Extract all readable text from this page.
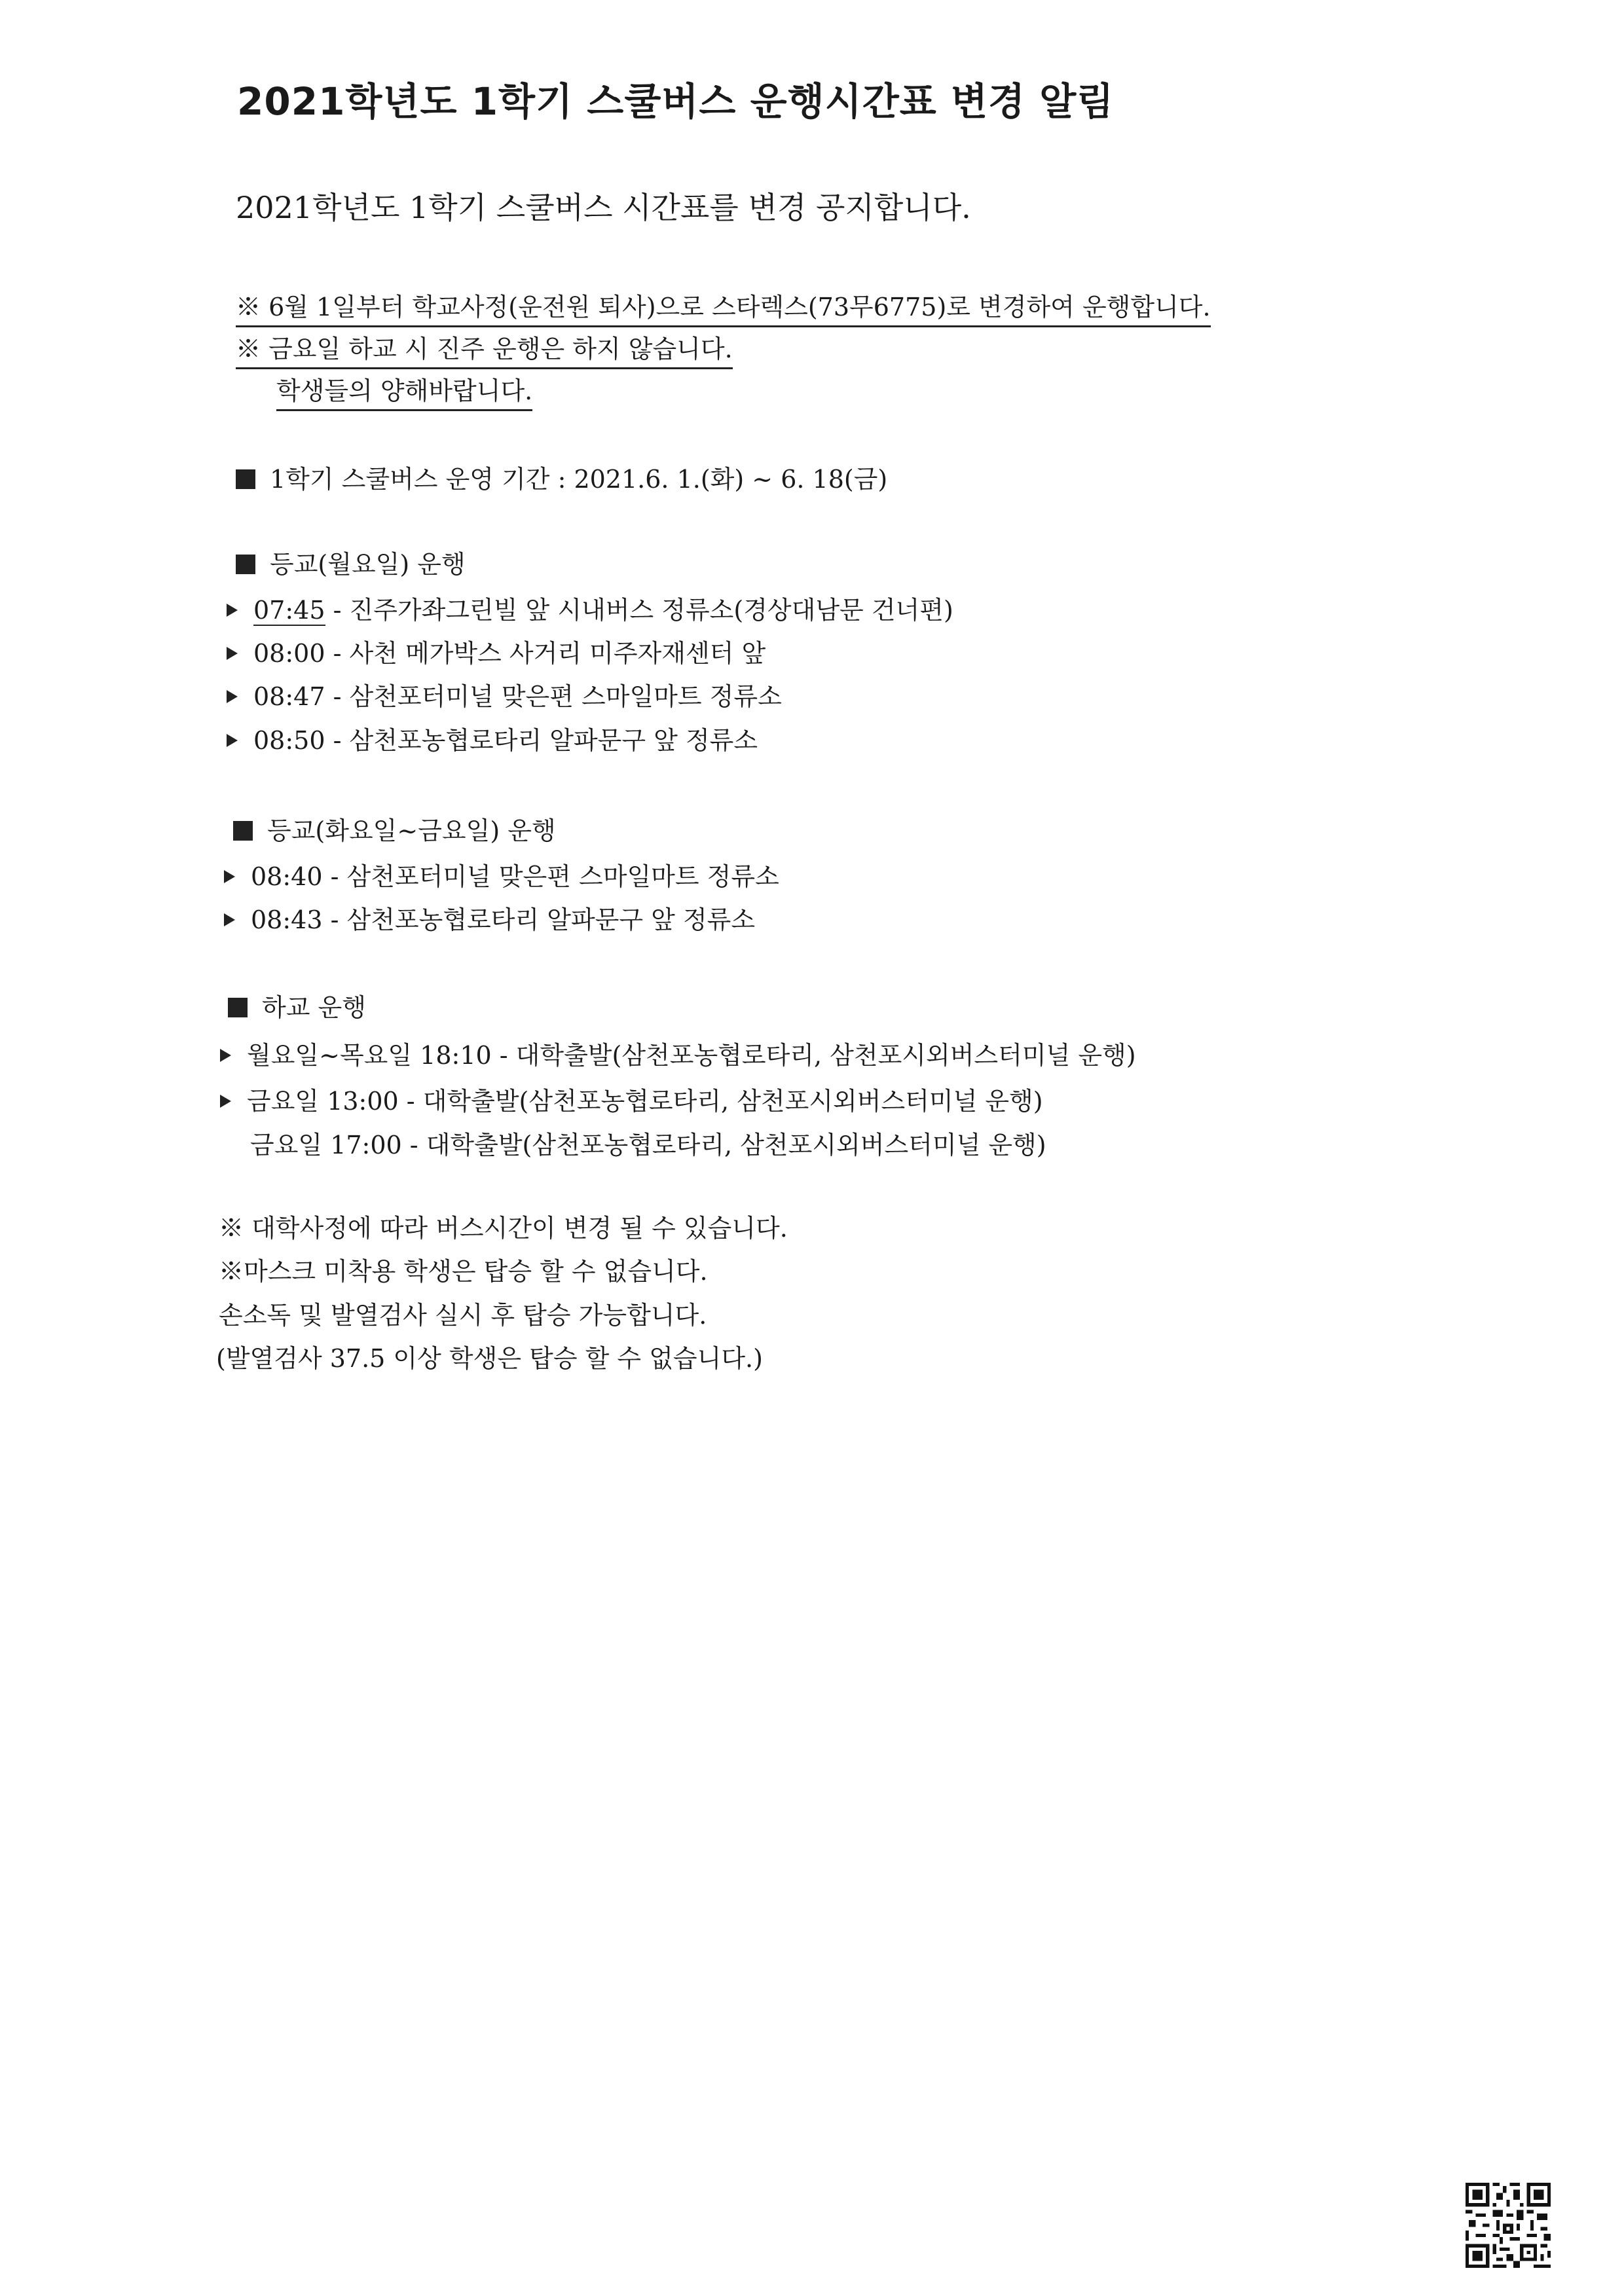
2021학년도 1학기 스쿨버스 운행시간표 변경 알림
2021학년도 1학기 스쿨버스 시간표를 변경 공지합니다.
※ 6월 1일부터 학교사정(운전원 퇴사)으로 스타렉스(73무6775)로 변경하여 운행합니다.
※ 금요일 하교 시 진주 운행은 하지 않습니다.
학생들의 양해바랍니다.
1학기 스쿨버스 운영 기간 : 2021.6. 1.(화) ~ 6. 18(금)
등교(월요일) 운행
07:45 - 진주가좌그린빌 앞 시내버스 정류소(경상대남문 건너편)
08:00 - 사천 메가박스 사거리 미주자재센터 앞
08:47 - 삼천포터미널 맞은편 스마일마트 정류소
08:50 - 삼천포농협로타리 알파문구 앞 정류소
등교(화요일~금요일) 운행
08:40 - 삼천포터미널 맞은편 스마일마트 정류소
08:43 - 삼천포농협로타리 알파문구 앞 정류소
하교 운행
월요일~목요일 18:10 - 대학출발(삼천포농협로타리, 삼천포시외버스터미널 운행)
금요일 13:00 - 대학출발(삼천포농협로타리, 삼천포시외버스터미널 운행)
금요일 17:00 - 대학출발(삼천포농협로타리, 삼천포시외버스터미널 운행)
※ 대학사정에 따라 버스시간이 변경 될 수 있습니다.
※마스크 미착용 학생은 탑승 할 수 없습니다.
손소독 및 발열검사 실시 후 탑승 가능합니다.
(발열검사 37.5 이상 학생은 탑승 할 수 없습니다.)
